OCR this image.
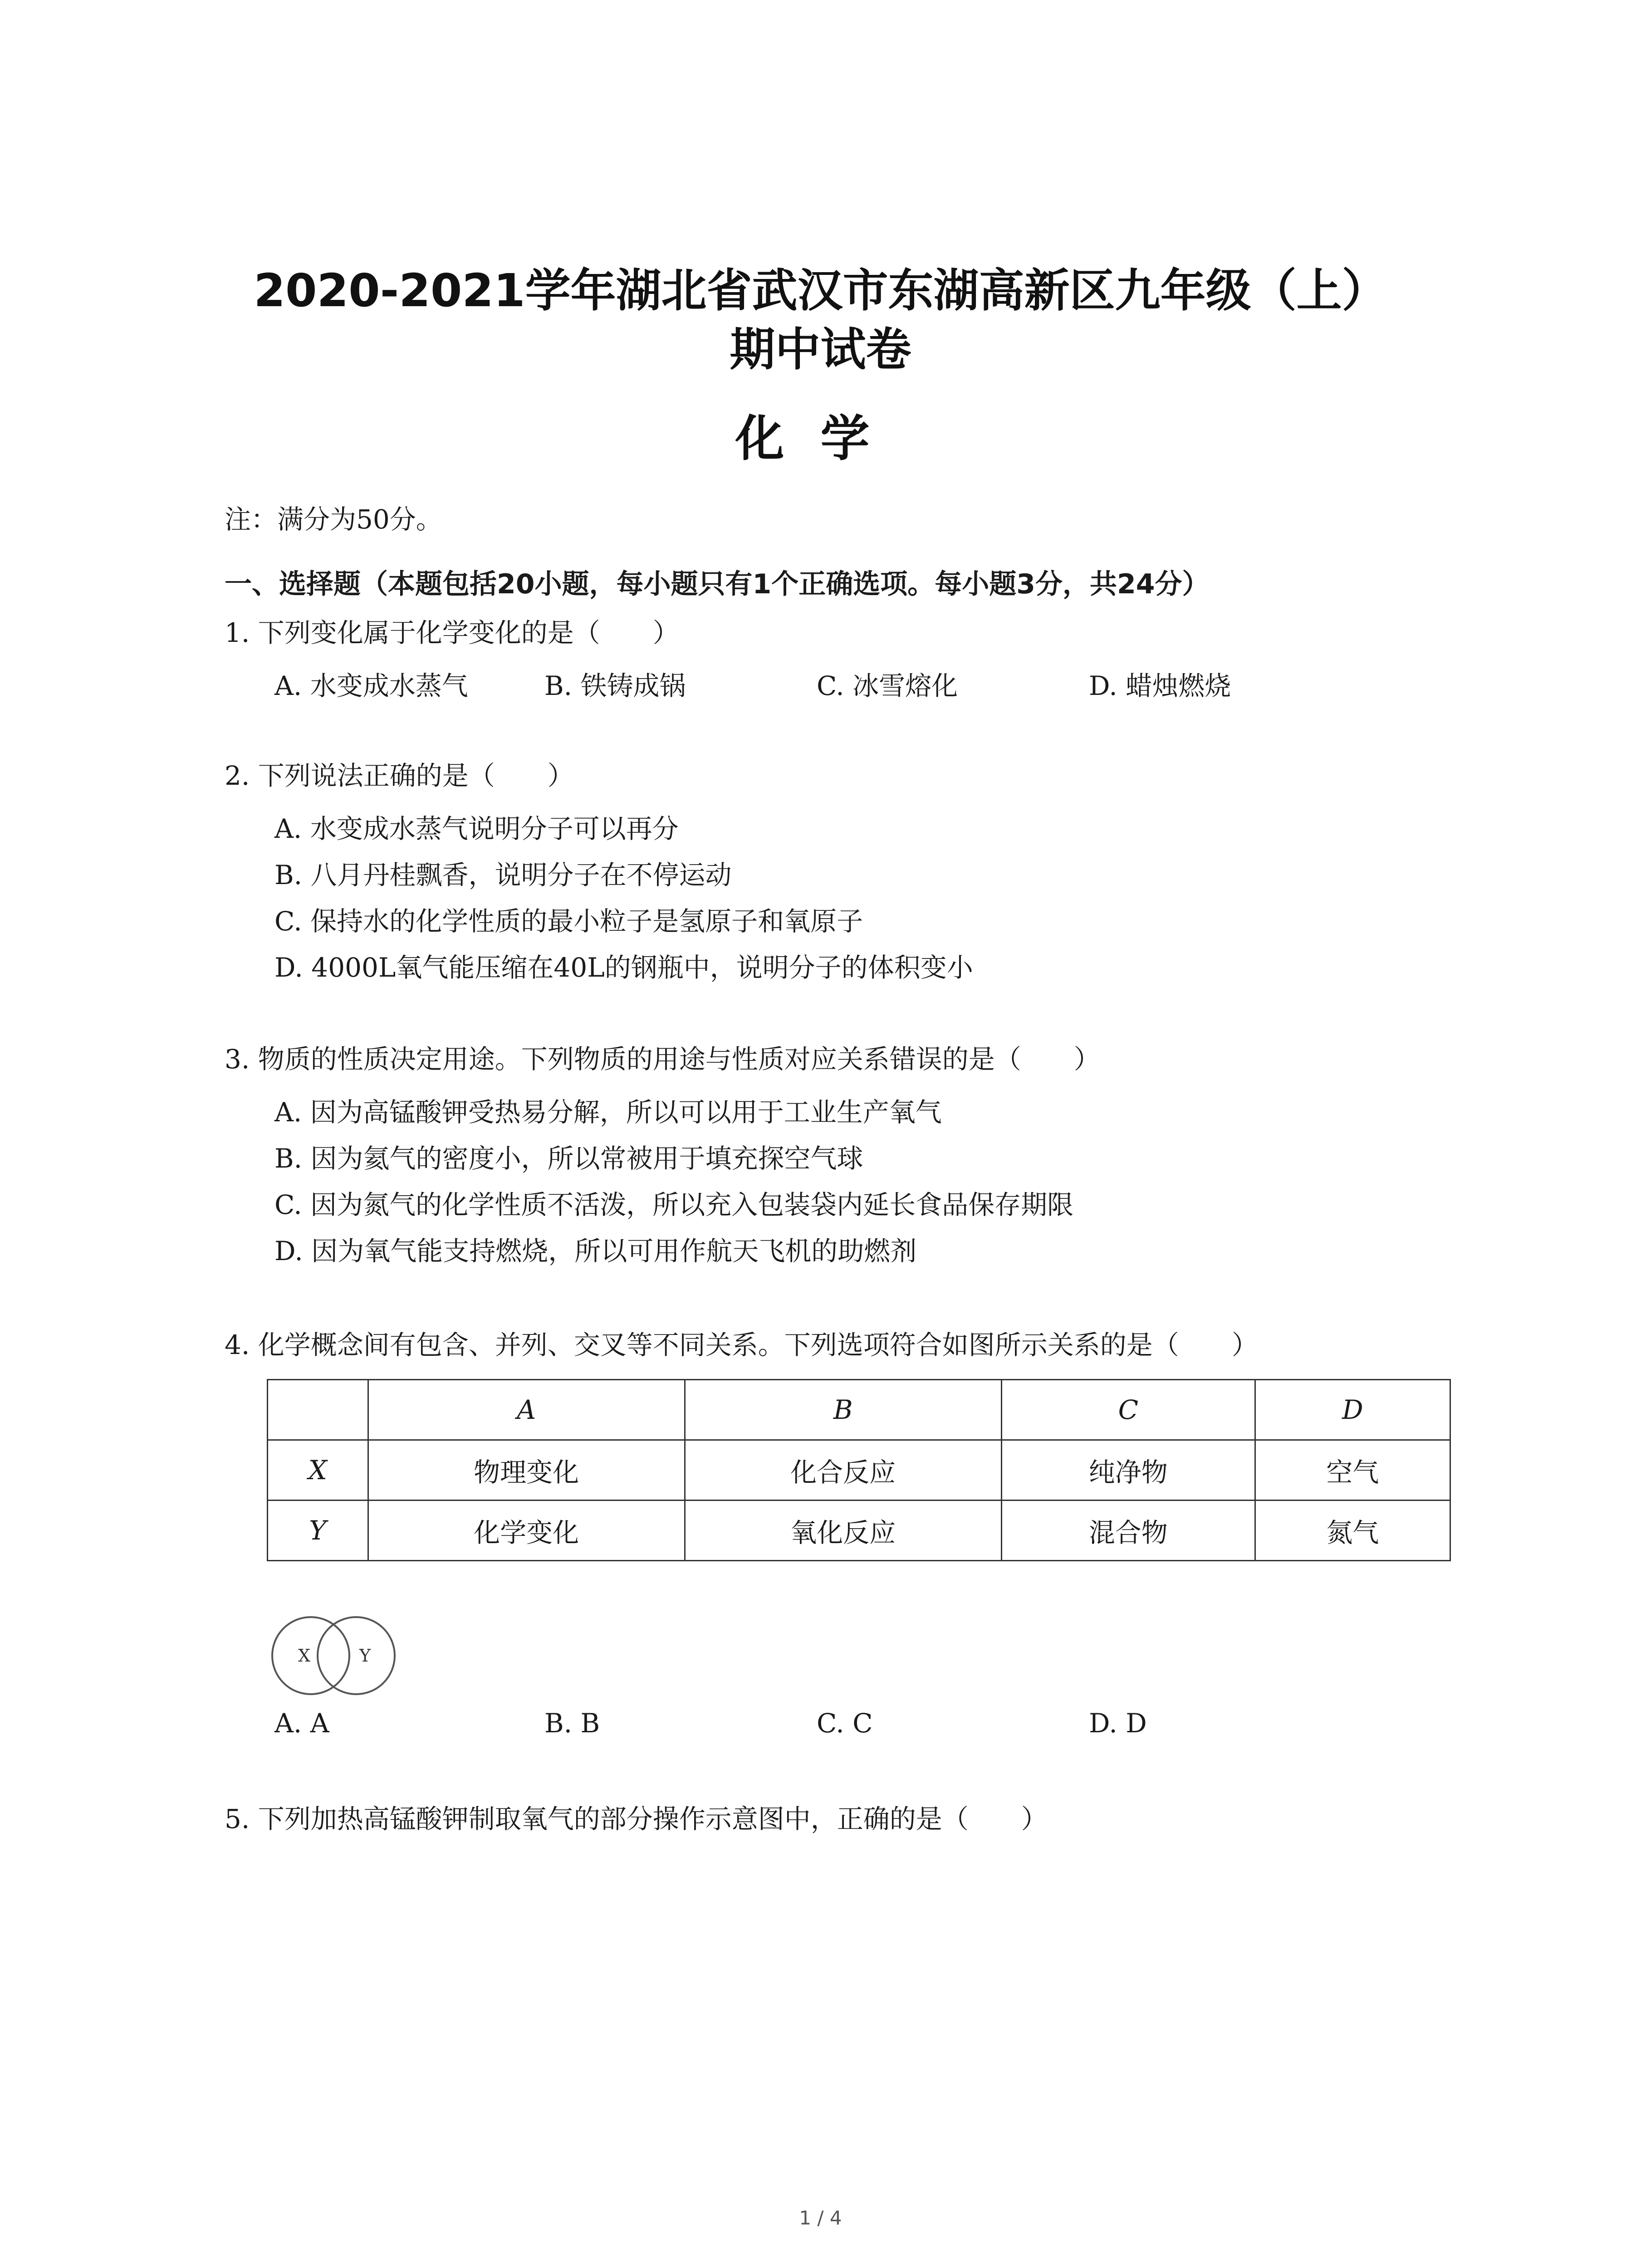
2020-2021学年湖北省武汉市东湖高新区九年级（上）
期中试卷
化学
注：满分为50分。
一、选择题（本题包括20小题，每小题只有1个正确选项。每小题3分，共24分）
1. 下列变化属于化学变化的是（　　）
A. 水变成水蒸气	B. 铁铸成锅	C. 冰雪熔化	D. 蜡烛燃烧
2. 下列说法正确的是（　　）
A. 水变成水蒸气说明分子可以再分
B. 八月丹桂飘香，说明分子在不停运动
C. 保持水的化学性质的最小粒子是氢原子和氧原子
D. 4000L氧气能压缩在40L的钢瓶中，说明分子的体积变小
3. 物质的性质决定用途。下列物质的用途与性质对应关系错误的是（　　）
A. 因为高锰酸钾受热易分解，所以可以用于工业生产氧气
B. 因为氦气的密度小，所以常被用于填充探空气球
C. 因为氮气的化学性质不活泼，所以充入包装袋内延长食品保存期限
D. 因为氧气能支持燃烧，所以可用作航天飞机的助燃剂
4. 化学概念间有包含、并列、交叉等不同关系。下列选项符合如图所示关系的是（　　）
	A	B	C	D
X	物理变化	化合反应	纯净物	空气
Y	化学变化	氧化反应	混合物	氮气
X	Y
A. A	B. B	C. C	D. D
5. 下列加热高锰酸钾制取氧气的部分操作示意图中，正确的是（　　）
1 / 4
